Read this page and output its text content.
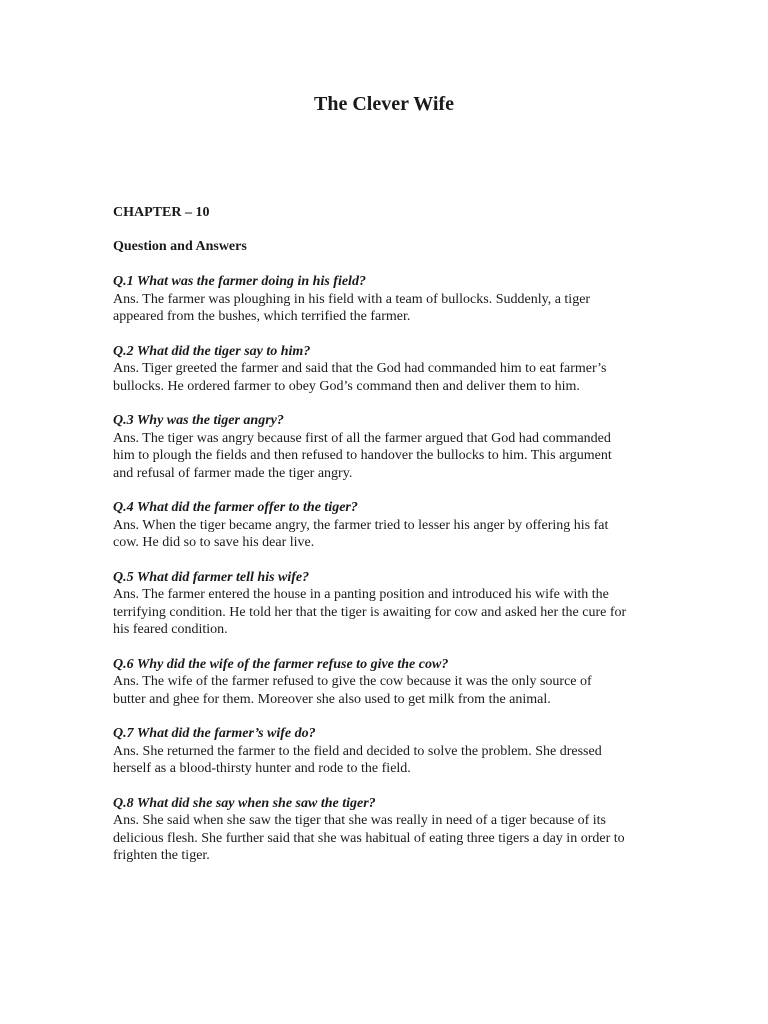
The Clever Wife
CHAPTER – 10
Question and Answers
Q.1 What was the farmer doing in his field?
Ans. The farmer was ploughing in his field with a team of bullocks. Suddenly, a tiger
appeared from the bushes, which terrified the farmer.
Q.2 What did the tiger say to him?
Ans. Tiger greeted the farmer and said that the God had commanded him to eat farmer’s
bullocks. He ordered farmer to obey God’s command then and deliver them to him.
Q.3 Why was the tiger angry?
Ans. The tiger was angry because first of all the farmer argued that God had commanded
him to plough the fields and then refused to handover the bullocks to him. This argument
and refusal of farmer made the tiger angry.
Q.4 What did the farmer offer to the tiger?
Ans. When the tiger became angry, the farmer tried to lesser his anger by offering his fat
cow. He did so to save his dear live.
Q.5 What did farmer tell his wife?
Ans. The farmer entered the house in a panting position and introduced his wife with the
terrifying condition. He told her that the tiger is awaiting for cow and asked her the cure for
his feared condition.
Q.6 Why did the wife of the farmer refuse to give the cow?
Ans. The wife of the farmer refused to give the cow because it was the only source of
butter and ghee for them. Moreover she also used to get milk from the animal.
Q.7 What did the farmer’s wife do?
Ans. She returned the farmer to the field and decided to solve the problem. She dressed
herself as a blood-thirsty hunter and rode to the field.
Q.8 What did she say when she saw the tiger?
Ans. She said when she saw the tiger that she was really in need of a tiger because of its
delicious flesh. She further said that she was habitual of eating three tigers a day in order to
frighten the tiger.
